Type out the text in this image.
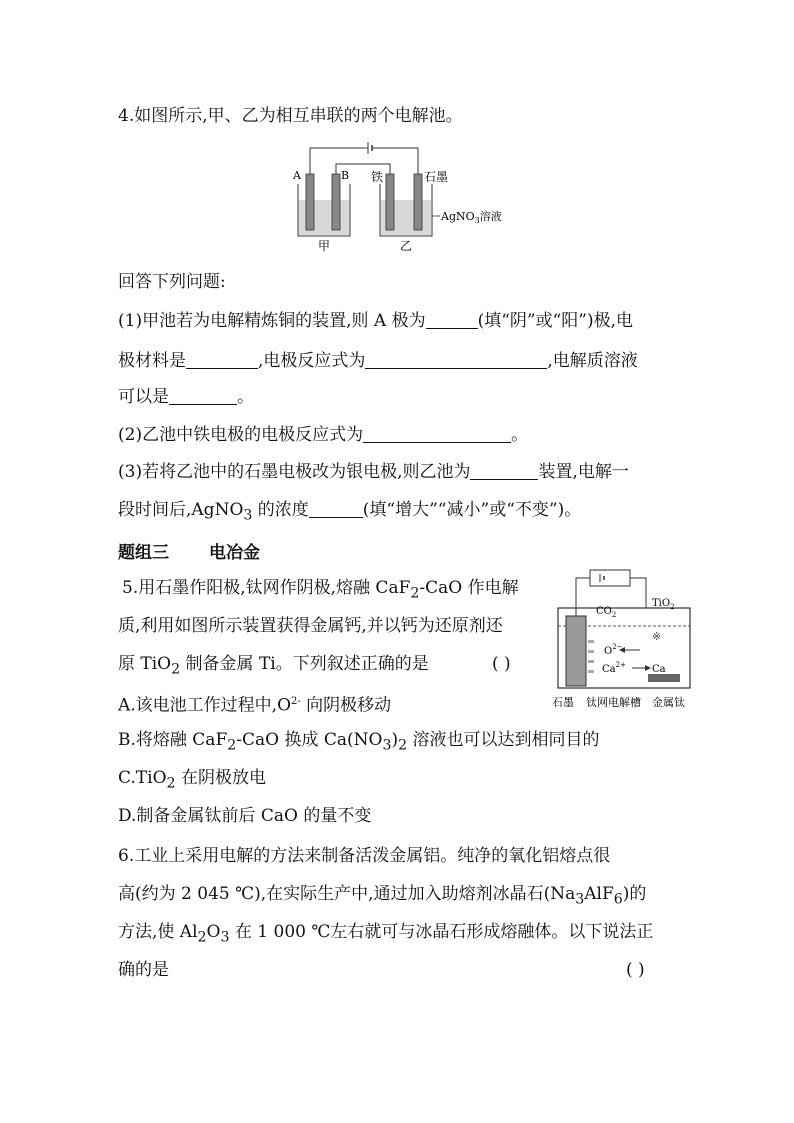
4.如图所示,甲、乙为相互串联的两个电解池。
A	B 铁	石墨
AgNO$_3$溶液
甲	乙
回答下列问题:
(1)甲池若为电解精炼铜的装置,则 A 极为	(填“阴”或“阳”)极,电
极材料是	,电极反应式为	,电解质溶液
可以是	。
(2)乙池中铁电极的电极反应式为	。
(3)若将乙池中的石墨电极改为银电极,则乙池为	装置,电解一
段时间后,AgNO$_3$ 的浓度	(填“增大”“减小”或“不变”)。
题组三 电冶金
5.用石墨作阳极,钛网作阴极,熔融 CaF$_2$-CaO 作电解
质,利用如图所示装置获得金属钙,并以钙为还原剂还
原 TiO$_2$ 制备金属 Ti。下列叙述正确的是	( )
※
$CO_2$
TiO$_2$
$O^{2-}$
$Ca^{2+}$	Ca
石墨 钛网电解槽 金属钛
A.该电池工作过程中$,O^{2-}$ 向阴极移动
B.将熔融 CaF$_2$-CaO 换成 $Ca(NO_3)_2$ 溶液也可以达到相同目的
C.TiO$_2$ 在阴极放电
D.制备金属钛前后 CaO 的量不变
6.工业上采用电解的方法来制备活泼金属铝。纯净的氧化铝熔点很
高(约为 2 045 ℃),在实际生产中,通过加入助熔剂冰晶石$(Na_3AlF_6)$的
方法,使 $Al_2O_3$ 在 1 000 ℃左右就可与冰晶石形成熔融体。以下说法正
确的是	( )
